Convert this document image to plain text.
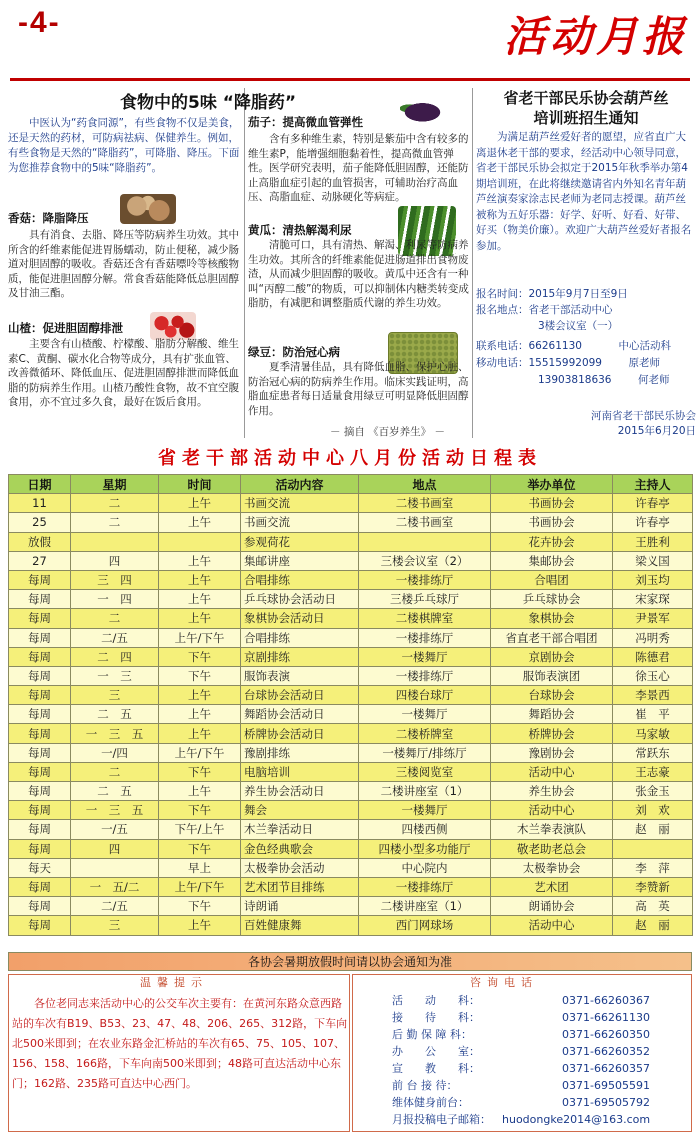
-4-	活动月报
食物中的5味 “降脂药”
中医认为“药食同源”，有些食物不仅是美食，还是天然的药材，可防病祛病、保健养生。例如，有些食物是天然的“降脂药”，可降脂、降压。下面为您推荐食物中的5味“降脂药”。
香菇：降脂降压
具有消食、去脂、降压等防病养生功效。其中所含的纤维素能促进胃肠蠕动，防止便秘，减少肠道对胆固醇的吸收。香菇还含有香菇嘌呤等核酸物质，能促进胆固醇分解。常食香菇能降低总胆固醇及甘油三酯。
山楂：促进胆固醇排泄
主要含有山楂酸、柠檬酸、脂肪分解酸、维生素C、黄酮、碳水化合物等成分，具有扩张血管、改善微循环、降低血压、促进胆固醇排泄而降低血脂的防病养生作用。山楂乃酸性食物，故不宜空腹食用，亦不宜过多久食，最好在饭后食用。
茄子：提高微血管弹性
含有多种维生素，特别是紫茄中含有较多的维生素P，能增强细胞黏着性，提高微血管弹性。医学研究表明，茄子能降低胆固醇，还能防止高脂血症引起的血管损害，可辅助治疗高血压、高脂血症、动脉硬化等病症。
黄瓜：清热解渴利尿
清脆可口，具有清热、解渴、利尿等防病养生功效。其所含的纤维素能促进肠道排出食物废渣，从而减少胆固醇的吸收。黄瓜中还含有一种叫“丙醇二酸”的物质，可以抑制体内糖类转变成脂肪，有减肥和调整脂质代谢的养生功效。
绿豆：防治冠心病
夏季清暑佳品，具有降低血脂、保护心脏、防治冠心病的防病养生作用。临床实践证明，高脂血症患者每日适量食用绿豆可明显降低胆固醇作用。
－ 摘自 《百岁养生》 －
省老干部民乐协会葫芦丝
培训班招生通知
为满足葫芦丝爱好者的愿望，应省直广大离退休老干部的要求，经活动中心领导同意，省老干部民乐协会拟定于2015年秋季举办第4期培训班，在此将继续邀请省内外知名青年葫芦丝演奏家涂志民老师为老同志授课。葫芦丝被称为五好乐器：好学、好听、好看、好带、好买（物美价廉）。欢迎广大葫芦丝爱好者报名参加。
报名时间：2015年9月7日至9日
报名地点：省老干部活动中心
3楼会议室（一）
联系电话：66261130	中心活动科
移动电话：15515992099	原老师
13903818636	何老师
河南省老干部民乐协会
2015年6月20日
省老干部活动中心八月份活动日程表
日期	星期	时间	活动内容	地点	举办单位	主持人
11	二	上午	书画交流	二楼书画室	书画协会	许春亭
25	二	上午	书画交流	二楼书画室	书画协会	许春亭
放假			参观荷花		花卉协会	王胜利
27	四	上午	集邮讲座	三楼会议室（2）	集邮协会	梁义国
每周	三　四	上午	合唱排练	一楼排练厅	合唱团	刘玉均
每周	一　四	上午	乒乓球协会活动日	三楼乒乓球厅	乒乓球协会	宋家琛
每周	二	上午	象棋协会活动日	二楼棋牌室	象棋协会	尹景军
每周	二/五	上午/下午	合唱排练	一楼排练厅	省直老干部合唱团	冯明秀
每周	二　四	下午	京剧排练	一楼舞厅	京剧协会	陈德君
每周	一　三	下午	服饰表演	一楼排练厅	服饰表演团	徐玉心
每周	三	上午	台球协会活动日	四楼台球厅	台球协会	李景西
每周	二　五	上午	舞蹈协会活动日	一楼舞厅	舞蹈协会	崔　平
每周	一　三　五	上午	桥牌协会活动日	二楼桥牌室	桥牌协会	马家敏
每周	一/四	上午/下午	豫剧排练	一楼舞厅/排练厅	豫剧协会	常跃东
每周	二	下午	电脑培训	三楼阅览室	活动中心	王志豪
每周	二　五	上午	养生协会活动日	二楼讲座室（1）	养生协会	张金玉
每周	一　三　五	下午	舞会	一楼舞厅	活动中心	刘　欢
每周	一/五	下午/上午	木兰拳活动日	四楼西侧	木兰拳表演队	赵　丽
每周	四	下午	金色经典歌会	四楼小型多功能厅	敬老助老总会	
每天		早上	太极拳协会活动	中心院内	太极拳协会	李　萍
每周	一　五/二	上午/下午	艺术团节目排练	一楼排练厅	艺术团	李赞新
每周	二/五	下午	诗朗诵	二楼讲座室（1）	朗诵协会	高　英
每周	三	上午	百姓健康舞	西门网球场	活动中心	赵　丽
各协会暑期放假时间请以协会通知为准
温馨提示	咨询电话
各位老同志来活动中心的公交车次主要有：在黄河东路众意西路站的车次有B19、B53、23、47、48、206、265、312路，下车向北500米即到；在农业东路金汇桥站的车次有65、75、105、107、156、158、166路，下车向南500米即到；48路可直达活动中心东门；162路、235路可直达中心西门。
活　　动　　科：	0371-66260367
接　　待　　科：	0371-66261130
后 勤 保 障 科：	0371-66260350
办　　公　　室：	0371-66260352
宣　　教　　科：	0371-66260357
前 台 接 待：	0371-69505591
维体健身前台：	0371-69505792
月报投稿电子邮箱： huodongke2014@163.com
